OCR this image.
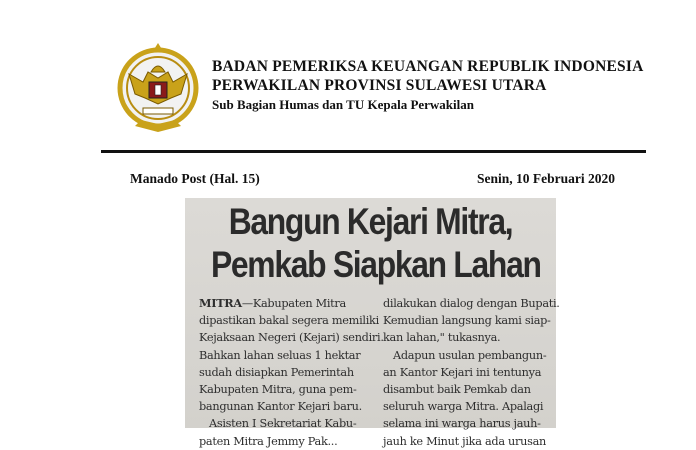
BADAN PEMERIKSA KEUANGAN REPUBLIK INDONESIA
PERWAKILAN PROVINSI SULAWESI UTARA
Sub Bagian Humas dan TU Kepala Perwakilan
Manado Post (Hal. 15)	Senin, 10 Februari 2020
Bangun Kejari Mitra,
Pemkab Siapkan Lahan
MITRA—Kabupaten Mitra
dipastikan bakal segera memiliki
Kejaksaan Negeri (Kejari) sendiri.
Bahkan lahan seluas 1 hektar
sudah disiapkan Pemerintah
Kabupaten Mitra, guna pem-
bangunan Kantor Kejari baru.
Asisten I Sekretariat Kabu-
paten Mitra Jemmy Pak...
dilakukan dialog dengan Bupati.
Kemudian langsung kami siap-
kan lahan," tukasnya.
Adapun usulan pembangun-
an Kantor Kejari ini tentunya
disambut baik Pemkab dan
seluruh warga Mitra. Apalagi
selama ini warga harus jauh-
jauh ke Minut jika ada urusan
